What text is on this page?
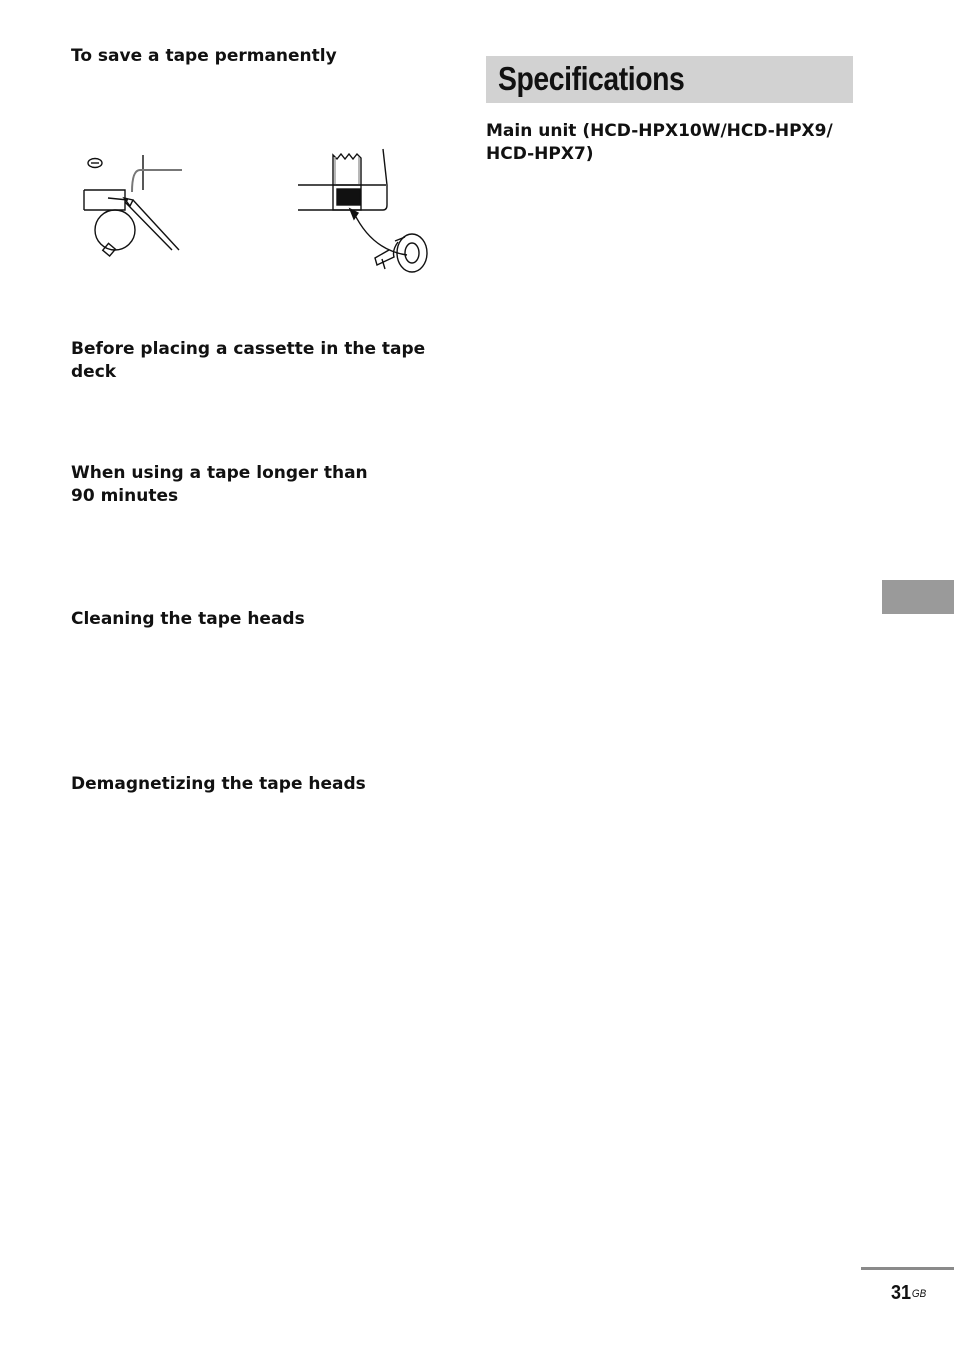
To save a tape permanently
Before placing a cassette in the tape
deck
When using a tape longer than
90 minutes
Cleaning the tape heads
Demagnetizing the tape heads
Specifications
Main unit (HCD-HPX10W/HCD-HPX9/
HCD-HPX7)
$31^{GB}$
